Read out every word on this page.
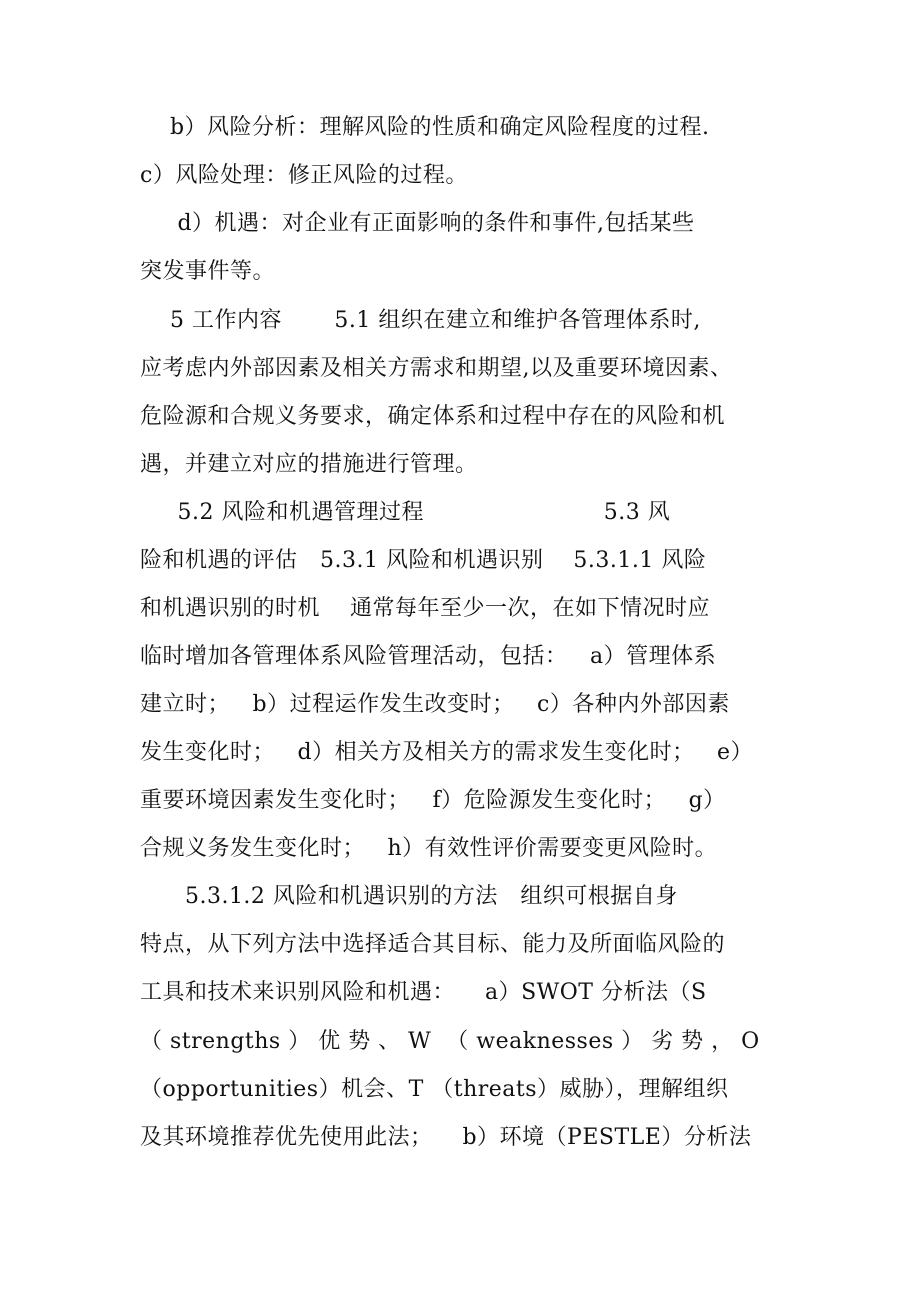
b）风险分析：理解风险的性质和确定风险程度的过程.
c）风险处理：修正风险的过程。
d）机遇：对企业有正面影响的条件和事件,包括某些
突发事件等。
5 工作内容       5.1 组织在建立和维护各管理体系时,
应考虑内外部因素及相关方需求和期望,以及重要环境因素、
危险源和合规义务要求，确定体系和过程中存在的风险和机
遇，并建立对应的措施进行管理。
5.2 风险和机遇管理过程                        5.3 风
险和机遇的评估   5.3.1 风险和机遇识别    5.3.1.1 风险
和机遇识别的时机    通常每年至少一次，在如下情况时应
临时增加各管理体系风险管理活动，包括：   a）管理体系
建立时；   b）过程运作发生改变时；   c）各种内外部因素
发生变化时；   d）相关方及相关方的需求发生变化时；   e）
重要环境因素发生变化时；   f）危险源发生变化时；   g）
合规义务发生变化时；   h）有效性评价需要变更风险时。
5.3.1.2 风险和机遇识别的方法   组织可根据自身
特点，从下列方法中选择适合其目标、能力及所面临风险的
工具和技术来识别风险和机遇：    a）SWOT 分析法（S
（ strengths ） 优 势 、 W  （ weaknesses ） 劣 势 ， O
（opportunities）机会、T （threats）威胁），理解组织
及其环境推荐优先使用此法；    b）环境（PESTLE）分析法
